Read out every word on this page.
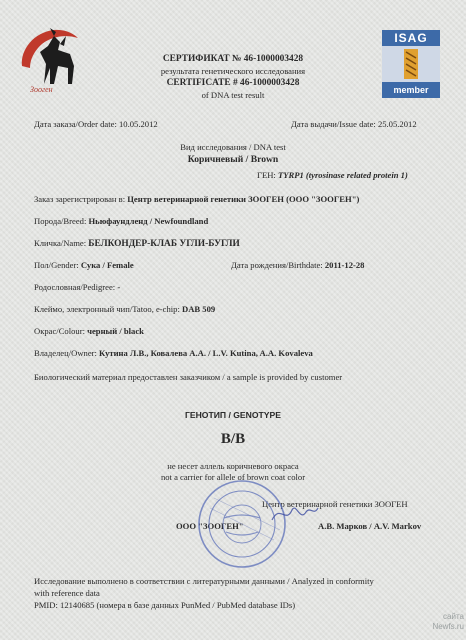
Зооген
ISAG
member
СЕРТИФИКАТ № 46-1000003428
результата генетического исследования
CERTIFICATE # 46-1000003428
of DNA test result
Дата заказа/Order date: 10.05.2012	Дата выдачи/Issue date: 25.05.2012
Вид исследования / DNA test
Коричневый / Brown
ГЕН: TYRP1 (tyrosinase related protein 1)
Заказ зарегистрирован в: Центр ветеринарной генетики ЗООГЕН (ООО "ЗООГЕН")
Порода/Breed: Ньюфаундленд / Newfoundland
Кличка/Name: БЕЛКОНДЕР-КЛАБ УГЛИ-БУГЛИ
Пол/Gender: Сука / Female	Дата рождения/Birthdate: 2011-12-28
Родословная/Pedigree: -
Клеймо, электронный чип/Tatoo, e-chip: DAB 509
Окрас/Colour: черный / black
Владелец/Owner: Кутина Л.В., Ковалева А.А. / L.V. Kutina, A.A. Kovaleva
Биологический материал предоставлен заказчиком / a sample is provided by customer
ГЕНОТИП / GENOTYPE
B/B
не несет аллель коричневого окраса
not a carrier for allele of brown coat color
Центр ветеринарной генетики ЗООГЕН
ООО "ЗООГЕН"	А.В. Марков / A.V. Markov
Исследование выполнено в соответствии с литературными данными / Analyzed in conformity
with reference data
PMID: 12140685 (номера в базе данных PunMed / PubMed database IDs)
сайта
Newfs.ru
